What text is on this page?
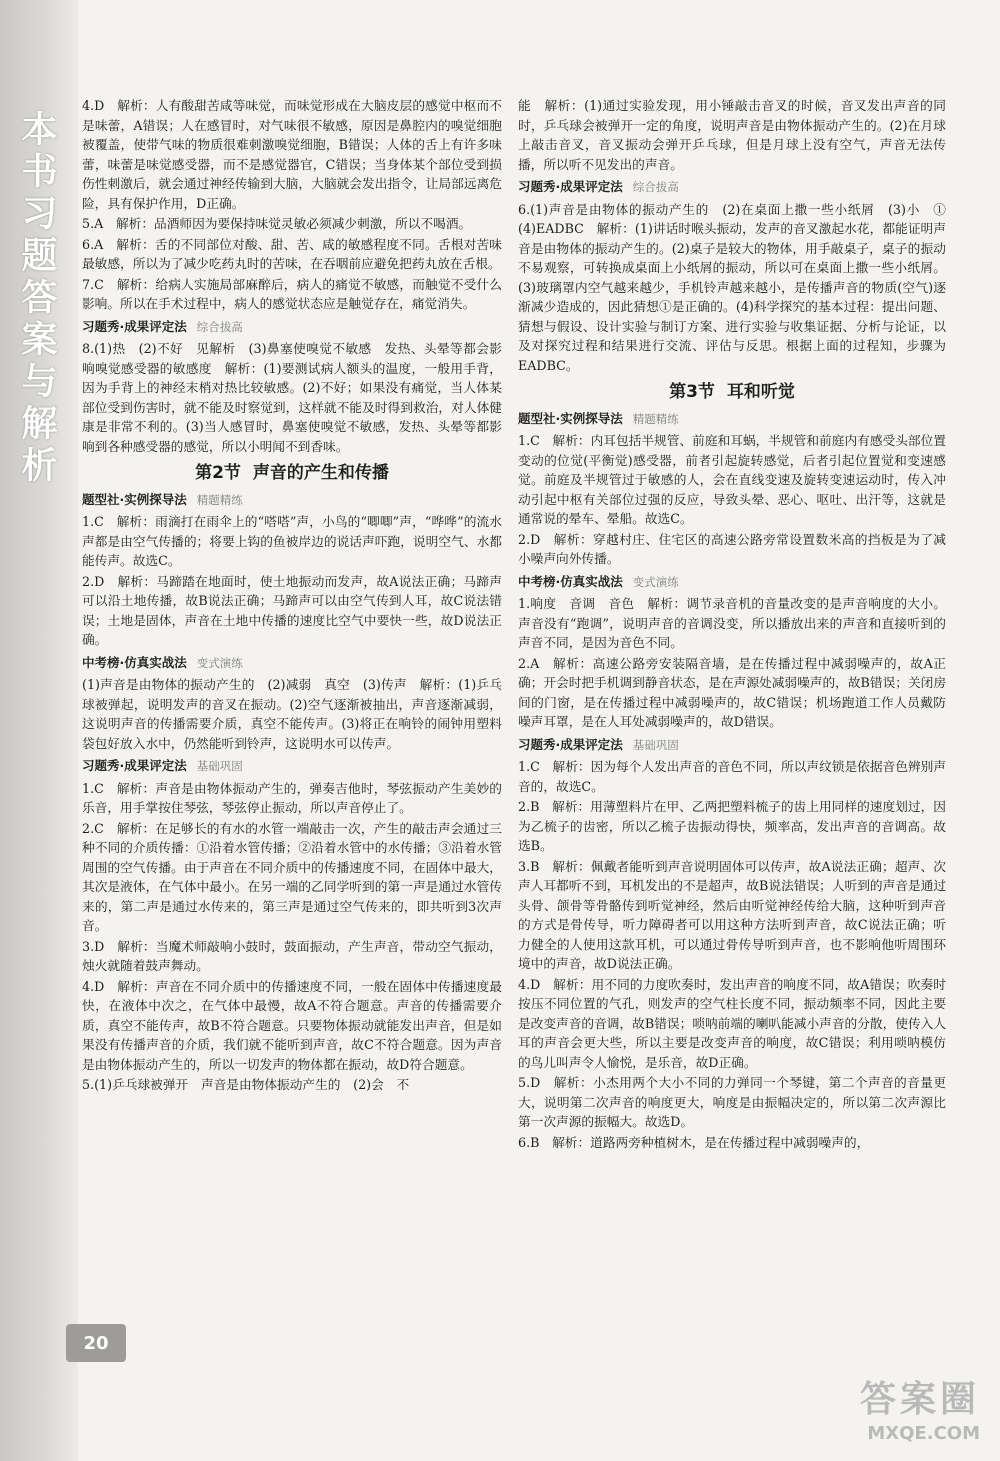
本书习题答案与解析
20

4.D　解析：人有酸甜苦咸等味觉，而味觉形成在大脑皮层的感觉中枢而不是味蕾，A错误；人在感冒时，对气味很不敏感，原因是鼻腔内的嗅觉细胞被覆盖，使带气味的物质很难刺激嗅觉细胞，B错误；人体的舌上有许多味蕾，味蕾是味觉感受器，而不是感觉器官，C错误；当身体某个部位受到损伤性刺激后，就会通过神经传输到大脑，大脑就会发出指令，让局部远离危险，具有保护作用，D正确。

5.A　解析：品酒师因为要保持味觉灵敏必须减少刺激，所以不喝酒。

6.A　解析：舌的不同部位对酸、甜、苦、咸的敏感程度不同。舌根对苦味最敏感，所以为了减少吃药丸时的苦味，在吞咽前应避免把药丸放在舌根。

7.C　解析：给病人实施局部麻醉后，病人的痛觉不敏感，而触觉不受什么影响。所以在手术过程中，病人的感觉状态应是触觉存在，痛觉消失。

习题秀·成果评定法 综合拔高

8.(1)热　(2)不好　见解析　(3)鼻塞使嗅觉不敏感　发热、头晕等都会影响嗅觉感受器的敏感度　解析：(1)要测试病人额头的温度，一般用手背，因为手背上的神经末梢对热比较敏感。(2)不好；如果没有痛觉，当人体某部位受到伤害时，就不能及时察觉到，这样就不能及时得到救治，对人体健康是非常不利的。(3)当人感冒时，鼻塞使嗅觉不敏感，发热、头晕等都影响到各种感受器的感觉，所以小明闻不到香味。

第2节 声音的产生和传播
题型社·实例探导法 精题精练

1.C　解析：雨滴打在雨伞上的“嗒嗒”声，小鸟的“唧唧”声，“哗哗”的流水声都是由空气传播的；将要上钩的鱼被岸边的说话声吓跑，说明空气、水都能传声。故选C。

2.D　解析：马蹄踏在地面时，使土地振动而发声，故A说法正确；马蹄声可以沿土地传播，故B说法正确；马蹄声可以由空气传到人耳，故C说法错误；土地是固体，声音在土地中传播的速度比空气中要快一些，故D说法正确。

中考榜·仿真实战法 变式演练

(1)声音是由物体的振动产生的　(2)减弱　真空　(3)传声　解析：(1)乒乓球被弹起，说明发声的音叉在振动。(2)空气逐渐被抽出，声音逐渐减弱，这说明声音的传播需要介质，真空不能传声。(3)将正在响铃的闹钟用塑料袋包好放入水中，仍然能听到铃声，这说明水可以传声。

习题秀·成果评定法 基础巩固

1.C　解析：声音是由物体振动产生的，弹奏吉他时，琴弦振动产生美妙的乐音，用手掌按住琴弦，琴弦停止振动，所以声音停止了。

2.C　解析：在足够长的有水的水管一端敲击一次，产生的敲击声会通过三种不同的介质传播：①沿着水管传播；②沿着水管中的水传播；③沿着水管周围的空气传播。由于声音在不同介质中的传播速度不同，在固体中最大，其次是液体，在气体中最小。在另一端的乙同学听到的第一声是通过水管传来的，第二声是通过水传来的，第三声是通过空气传来的，即共听到3次声音。

3.D　解析：当魔术师敲响小鼓时，鼓面振动，产生声音，带动空气振动，烛火就随着鼓声舞动。

4.D　解析：声音在不同介质中的传播速度不同，一般在固体中传播速度最快，在液体中次之，在气体中最慢，故A不符合题意。声音的传播需要介质，真空不能传声，故B不符合题意。只要物体振动就能发出声音，但是如果没有传播声音的介质，我们就不能听到声音，故C不符合题意。因为声音是由物体振动产生的，所以一切发声的物体都在振动，故D符合题意。

5.(1)乒乓球被弹开　声音是由物体振动产生的　(2)会　不

能　解析：(1)通过实验发现，用小锤敲击音叉的时候，音叉发出声音的同时，乒乓球会被弹开一定的角度，说明声音是由物体振动产生的。(2)在月球上敲击音叉，音叉振动会弹开乒乓球，但是月球上没有空气，声音无法传播，所以听不见发出的声音。

习题秀·成果评定法 综合拔高

6.(1)声音是由物体的振动产生的　(2)在桌面上撒一些小纸屑　(3)小　①　(4)EADBC　解析：(1)讲话时喉头振动，发声的音叉激起水花，都能证明声音是由物体的振动产生的。(2)桌子是较大的物体，用手敲桌子，桌子的振动不易观察，可转换成桌面上小纸屑的振动，所以可在桌面上撒一些小纸屑。(3)玻璃罩内空气越来越少，手机铃声越来越小，是传播声音的物质(空气)逐渐减少造成的，因此猜想①是正确的。(4)科学探究的基本过程：提出问题、猜想与假设、设计实验与制订方案、进行实验与收集证据、分析与论证，以及对探究过程和结果进行交流、评估与反思。根据上面的过程知，步骤为EADBC。

第3节 耳和听觉
题型社·实例探导法 精题精练

1.C　解析：内耳包括半规管、前庭和耳蜗，半规管和前庭内有感受头部位置变动的位觉(平衡觉)感受器，前者引起旋转感觉，后者引起位置觉和变速感觉。前庭及半规管过于敏感的人，会在直线变速及旋转变速运动时，传入冲动引起中枢有关部位过强的反应，导致头晕、恶心、呕吐、出汗等，这就是通常说的晕车、晕船。故选C。

2.D　解析：穿越村庄、住宅区的高速公路旁常设置数米高的挡板是为了减小噪声向外传播。

中考榜·仿真实战法 变式演练

1.响度　音调　音色　解析：调节录音机的音量改变的是声音响度的大小。声音没有“跑调”，说明声音的音调没变，所以播放出来的声音和直接听到的声音不同，是因为音色不同。

2.A　解析：高速公路旁安装隔音墙，是在传播过程中减弱噪声的，故A正确；开会时把手机调到静音状态，是在声源处减弱噪声的，故B错误；关闭房间的门窗，是在传播过程中减弱噪声的，故C错误；机场跑道工作人员戴防噪声耳罩，是在人耳处减弱噪声的，故D错误。

习题秀·成果评定法 基础巩固

1.C　解析：因为每个人发出声音的音色不同，所以声纹锁是依据音色辨别声音的，故选C。

2.B　解析：用薄塑料片在甲、乙两把塑料梳子的齿上用同样的速度划过，因为乙梳子的齿密，所以乙梳子齿振动得快，频率高，发出声音的音调高。故选B。

3.B　解析：佩戴者能听到声音说明固体可以传声，故A说法正确；超声、次声人耳都听不到，耳机发出的不是超声，故B说法错误；人听到的声音是通过头骨、颌骨等骨骼传到听觉神经，然后由听觉神经传给大脑，这种听到声音的方式是骨传导，听力障碍者可以用这种方法听到声音，故C说法正确；听力健全的人使用这款耳机，可以通过骨传导听到声音，也不影响他听周围环境中的声音，故D说法正确。

4.D　解析：用不同的力度吹奏时，发出声音的响度不同，故A错误；吹奏时按压不同位置的气孔，则发声的空气柱长度不同，振动频率不同，因此主要是改变声音的音调，故B错误；唢呐前端的喇叭能减小声音的分散，使传入人耳的声音会更大些，所以主要是改变声音的响度，故C错误；利用唢呐模仿的鸟儿叫声令人愉悦，是乐音，故D正确。

5.D　解析：小杰用两个大小不同的力弹同一个琴键，第二个声音的音量更大，说明第二次声音的响度更大，响度是由振幅决定的，所以第二次声源比第一次声源的振幅大。故选D。

6.B　解析：道路两旁种植树木，是在传播过程中减弱噪声的，

答案圈
MXQE.COM
